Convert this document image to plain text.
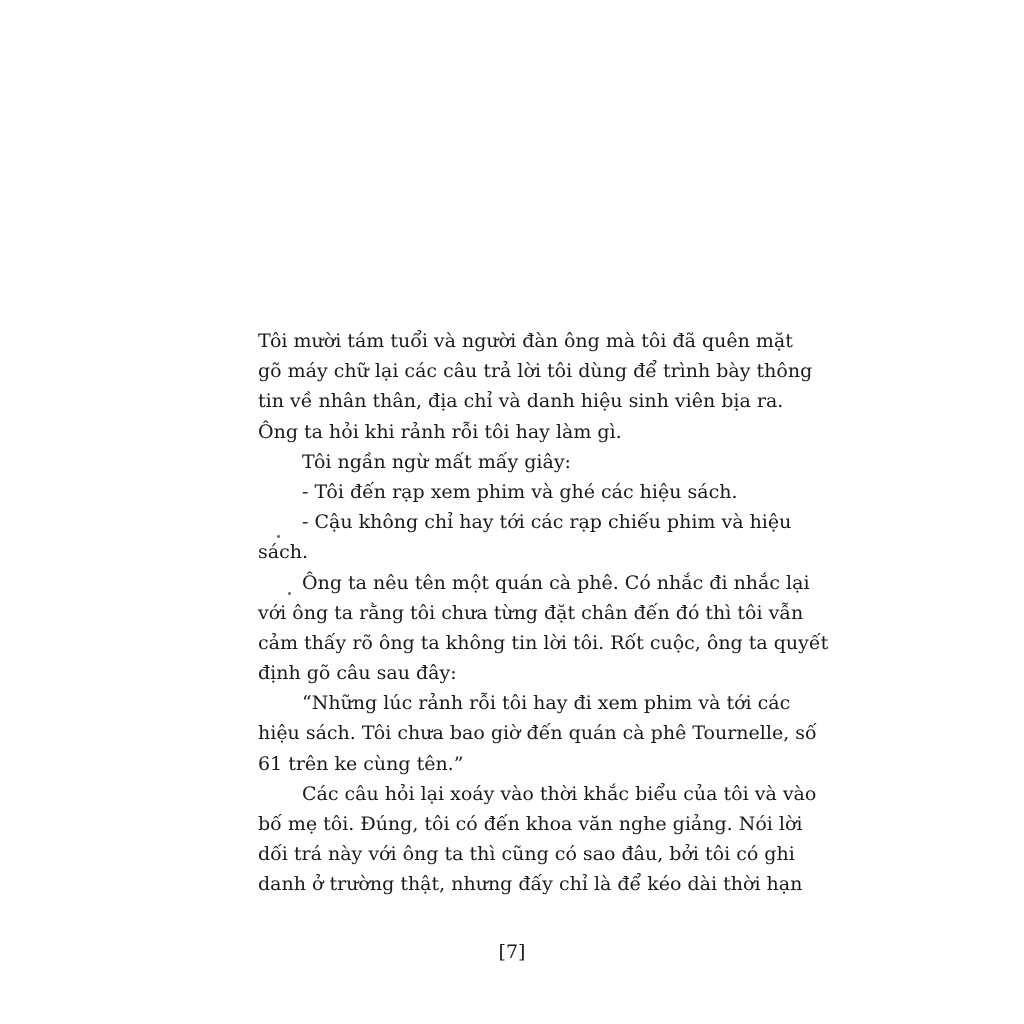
Tôi mười tám tuổi và người đàn ông mà tôi đã quên mặt
gõ máy chữ lại các câu trả lời tôi dùng để trình bày thông
tin về nhân thân, địa chỉ và danh hiệu sinh viên bịa ra.
Ông ta hỏi khi rảnh rỗi tôi hay làm gì.
Tôi ngần ngừ mất mấy giây:
- Tôi đến rạp xem phim và ghé các hiệu sách.
- Cậu không chỉ hay tới các rạp chiếu phim và hiệu
sách.
Ông ta nêu tên một quán cà phê. Có nhắc đi nhắc lại
với ông ta rằng tôi chưa từng đặt chân đến đó thì tôi vẫn
cảm thấy rõ ông ta không tin lời tôi. Rốt cuộc, ông ta quyết
định gõ câu sau đây:
“Những lúc rảnh rỗi tôi hay đi xem phim và tới các
hiệu sách. Tôi chưa bao giờ đến quán cà phê Tournelle, số
61 trên ke cùng tên.”
Các câu hỏi lại xoáy vào thời khắc biểu của tôi và vào
bố mẹ tôi. Đúng, tôi có đến khoa văn nghe giảng. Nói lời
dối trá này với ông ta thì cũng có sao đâu, bởi tôi có ghi
danh ở trường thật, nhưng đấy chỉ là để kéo dài thời hạn
[7]
